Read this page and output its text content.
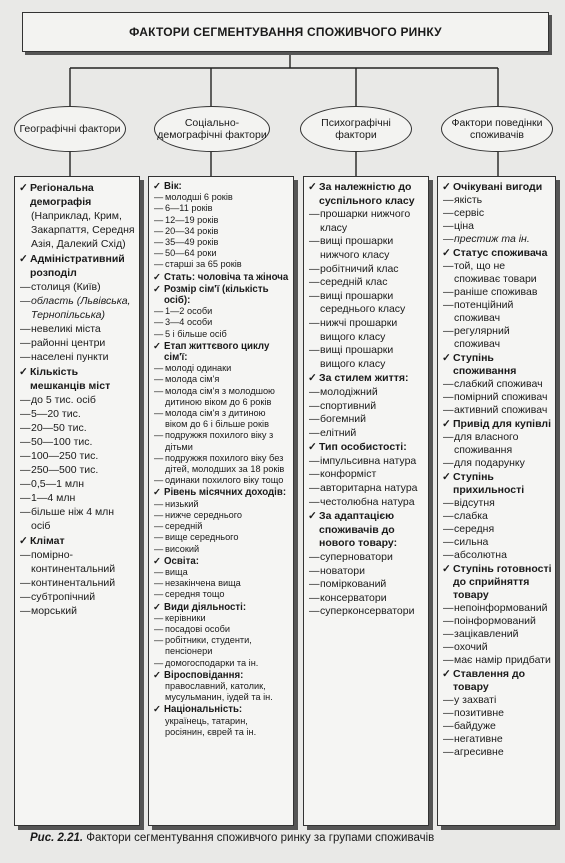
ФАКТОРИ СЕГМЕНТУВАННЯ СПОЖИВЧОГО РИНКУ
Географічні фактори	Соціально-демографічні фактори
Психографічні фактори
Фактори поведінки споживачів
✓ Регіональна демографія
(Наприклад, Крим, Закарпаття, Середня Азія, Далекий Схід)
✓ Адміністративний розподіл
— столиця (Київ)
— область (Львівська, Тернопільська)
— невеликі міста
— районні центри
— населені пункти
✓ Кількість мешканців міст
— до 5 тис. осіб
— 5—20 тис.
— 20—50 тис.
— 50—100 тис.
— 100—250 тис.
— 250—500 тис.
— 0,5—1 млн
— 1—4 млн
— більше ніж 4 млн осіб
✓ Клімат
— помірно-континентальний
— континентальний
— субтропічний
— морський
✓ Вік:
— молодші 6 років
— 6—11 років
— 12—19 років
— 20—34 років
— 35—49 років
— 50—64 роки
— старші за 65 років
✓ Стать: чоловіча та жіноча
✓ Розмір сім'ї (кількість осіб):
— 1—2 особи
— 3—4 особи
— 5 і більше осіб
✓ Етап життєвого циклу сім'ї:
— молоді одинаки
— молода сім'я
— молода сім'я з молодшою дитиною віком до 6 років
— молода сім'я з дитиною віком до 6 і більше років
— подружжя похилого віку з дітьми
— подружжя похилого віку без дітей, молодших за 18 років
— одинаки похилого віку тощо
✓ Рівень місячних доходів:
— низький
— нижче середнього
— середній
— вище середнього
— високий
✓ Освіта:
— вища
— незакінчена вища
— середня тощо
✓ Види діяльності:
— керівники
— посадові особи
— робітники, студенти, пенсіонери
— домогосподарки та ін.
✓ Віросповідання:
православний, католик, мусульманин, іудей та ін.
✓ Національність:
українець, татарин, росіянин, єврей та ін.
✓ За належністю до суспільного класу
— прошарки нижчого класу
— вищі прошарки нижчого класу
— робітничий клас
— середній клас
— вищі прошарки середнього класу
— нижчі прошарки вищого класу
— вищі прошарки вищого класу
✓ За стилем життя:
— молодіжний
— спортивний
— богемний
— елітний
✓ Тип особистості:
— імпульсивна натура
— конформіст
— авторитарна натура
— честолюбна натура
✓ За адаптацією споживачів до нового товару:
— суперноватори
— новатори
— поміркований
— консерватори
— суперконсерватори
✓ Очікувані вигоди
— якість
— сервіс
— ціна
— престиж та ін.
✓ Статус споживача
— той, що не споживає товари
— раніше споживав
— потенційний споживач
— регулярний споживач
✓ Ступінь споживання
— слабкий споживач
— помірний споживач
— активний споживач
✓ Привід для купівлі
— для власного споживання
— для подарунку
✓ Ступінь прихильності
— відсутня
— слабка
— середня
— сильна
— абсолютна
✓ Ступінь готовності до сприйняття товару
— непоінформований
— поінформований
— зацікавлений
— охочий
— має намір придбати
✓ Ставлення до товару
— у захваті
— позитивне
— байдуже
— негативне
— агресивне
Рис. 2.21. Фактори сегментування споживчого ринку за групами споживачів
